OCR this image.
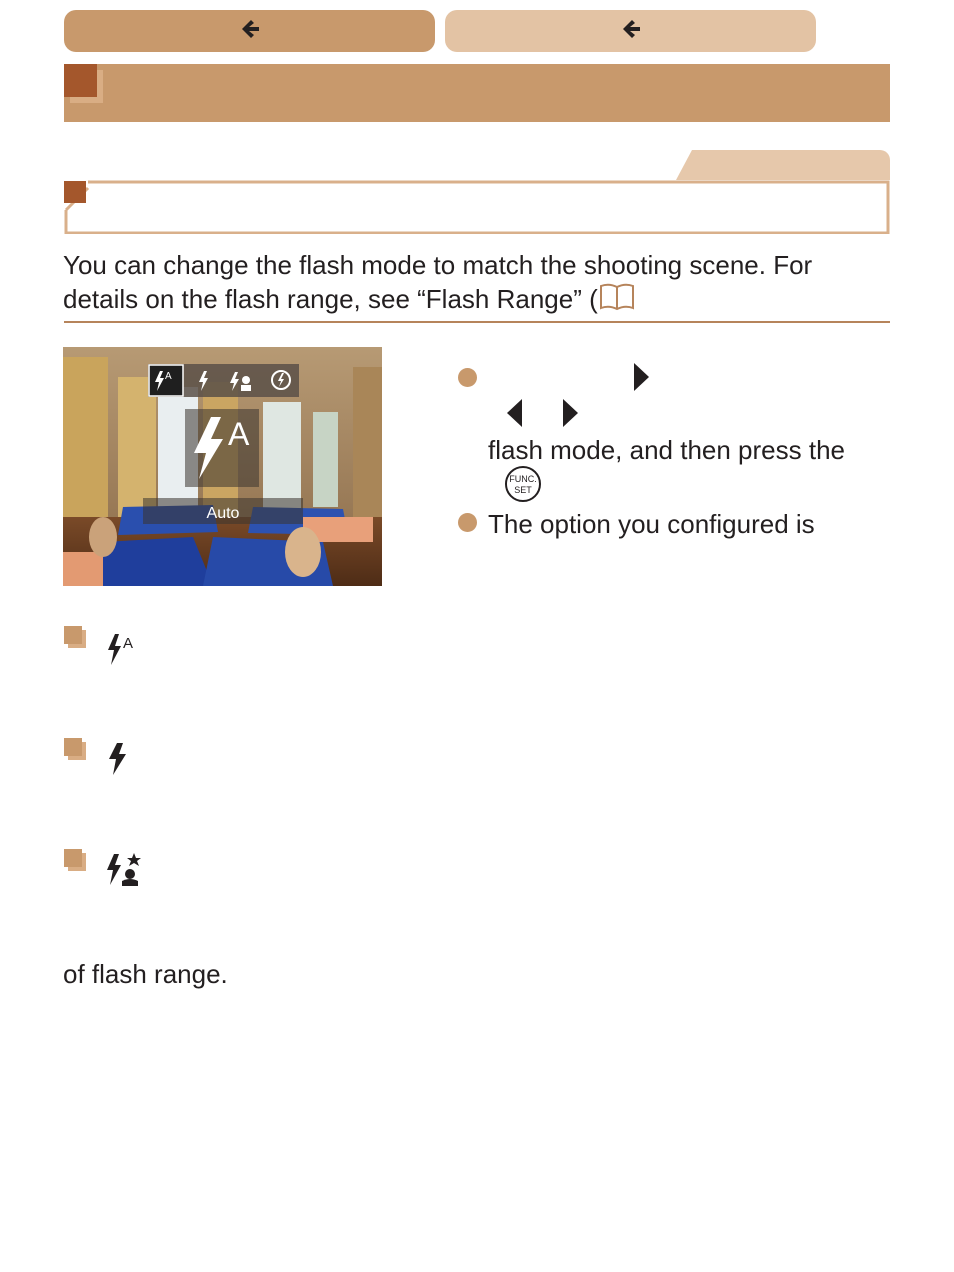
You can change the flash mode to match the shooting scene. For details on the flash range, see “Flash Range” (
A
A
Auto
flash mode, and then press the
FUNC.
SET
The option you configured is
A
of flash range.
